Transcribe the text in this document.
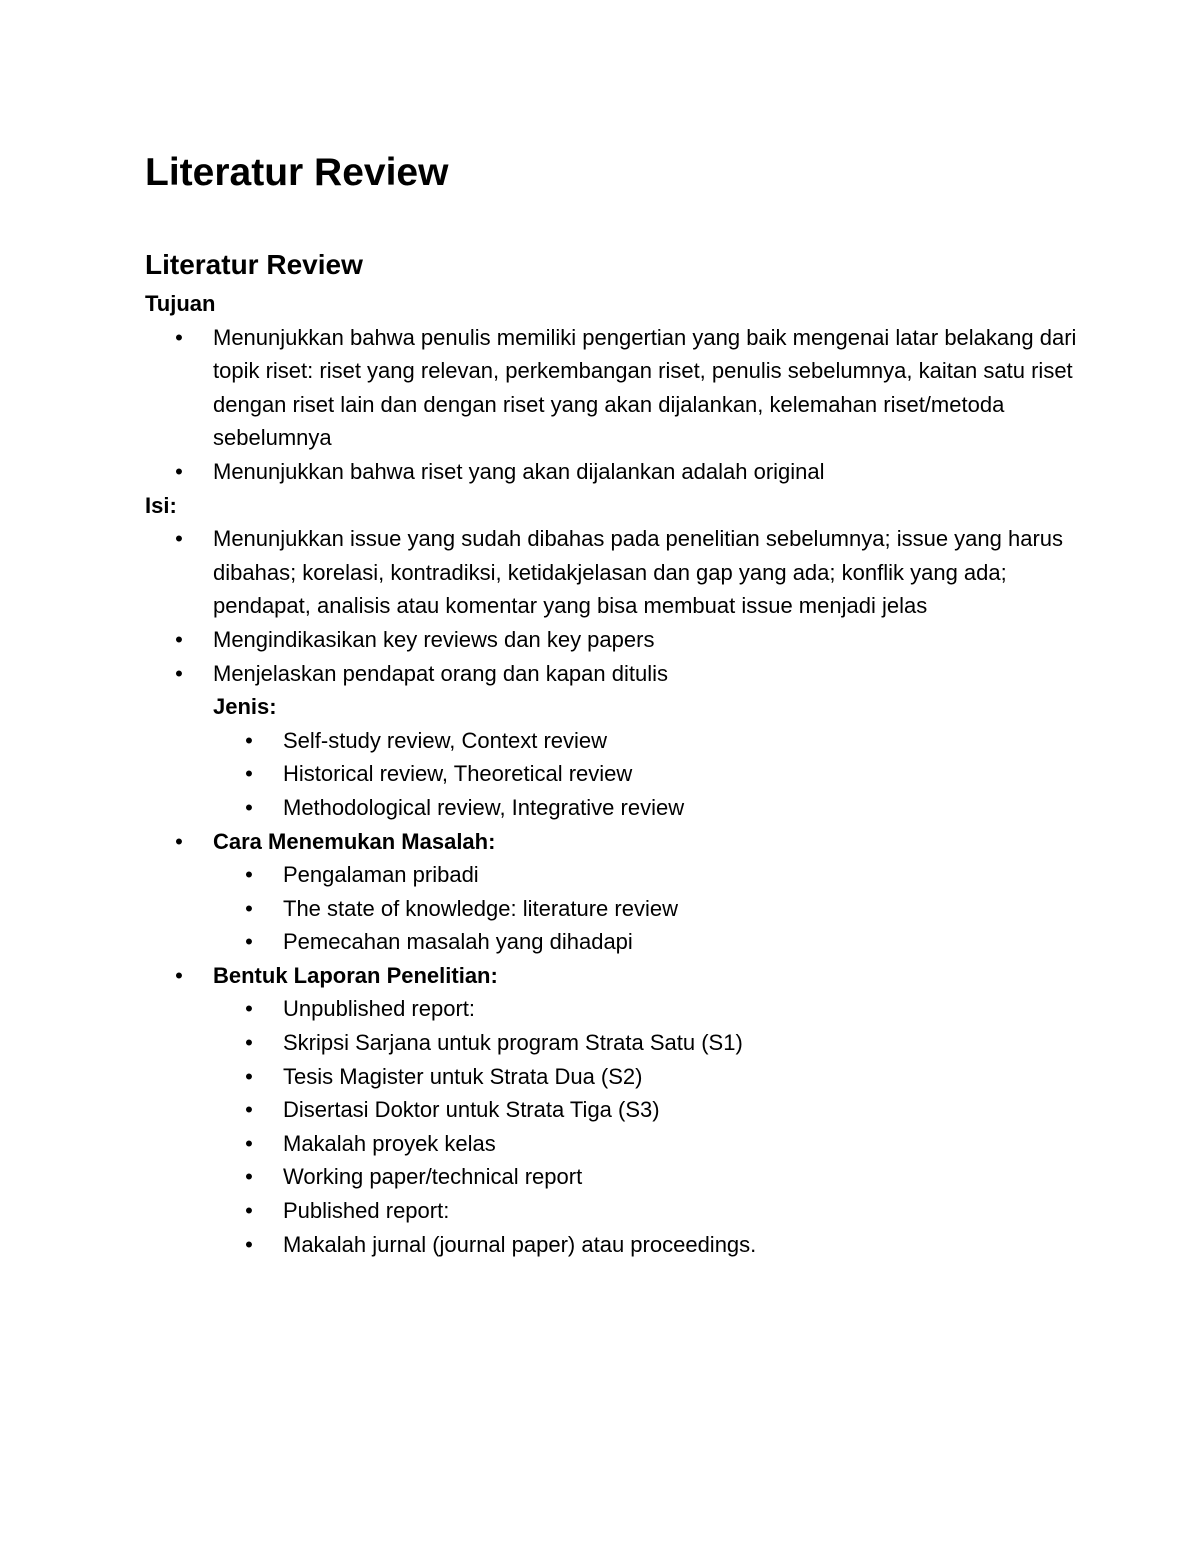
Literatur Review
Literatur Review
Tujuan
• Menunjukkan bahwa penulis memiliki pengertian yang baik mengenai latar belakang dari topik riset: riset yang relevan, perkembangan riset, penulis sebelumnya, kaitan satu riset dengan riset lain dan dengan riset yang akan dijalankan, kelemahan riset/metoda sebelumnya
• Menunjukkan bahwa riset yang akan dijalankan adalah original
Isi:
• Menunjukkan issue yang sudah dibahas pada penelitian sebelumnya; issue yang harus dibahas; korelasi, kontradiksi, ketidakjelasan dan gap yang ada; konflik yang ada; pendapat, analisis atau komentar yang bisa membuat issue menjadi jelas
• Mengindikasikan key reviews dan key papers
• Menjelaskan pendapat orang dan kapan ditulis
Jenis:
• Self-study review, Context review
• Historical review, Theoretical review
• Methodological review, Integrative review
• Cara Menemukan Masalah:
• Pengalaman pribadi
• The state of knowledge: literature review
• Pemecahan masalah yang dihadapi
• Bentuk Laporan Penelitian:
• Unpublished report:
• Skripsi Sarjana untuk program Strata Satu (S1)
• Tesis Magister untuk Strata Dua (S2)
• Disertasi Doktor untuk Strata Tiga (S3)
• Makalah proyek kelas
• Working paper/technical report
• Published report:
• Makalah jurnal (journal paper) atau proceedings.
